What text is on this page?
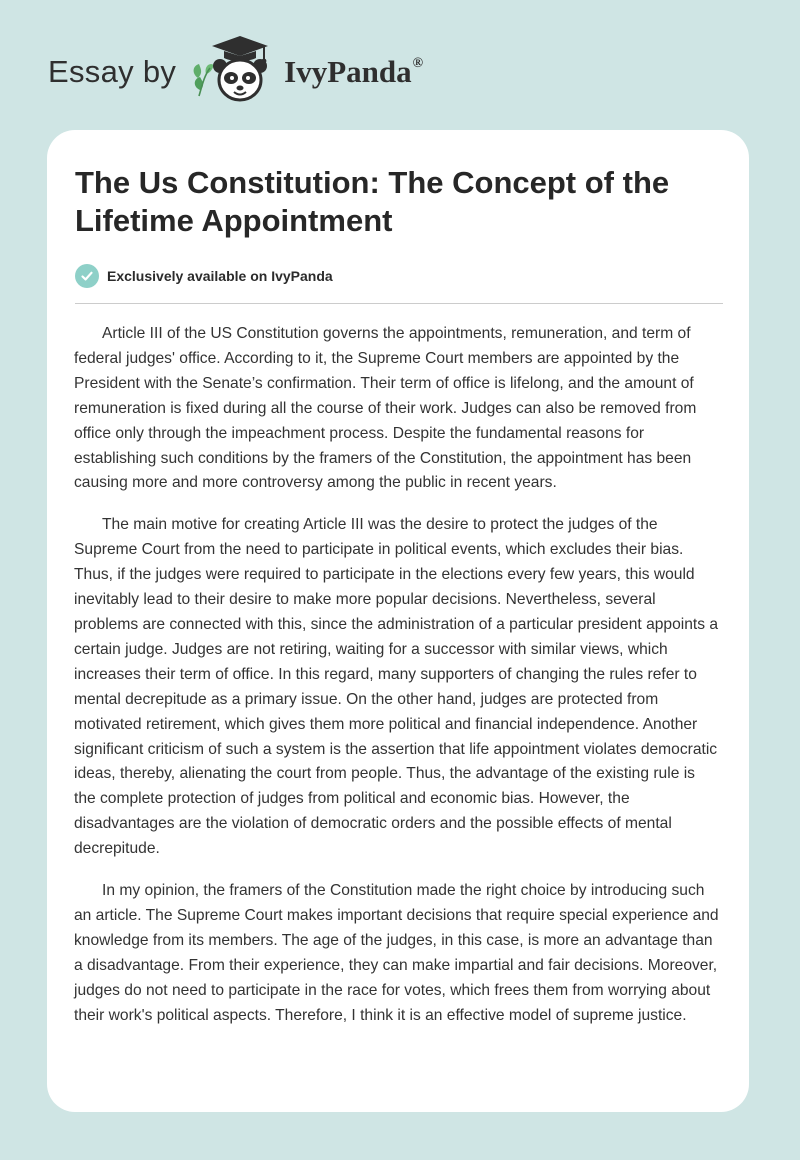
Essay by	IvyPanda®
The Us Constitution: The Concept of the Lifetime Appointment
Exclusively available on IvyPanda

Article III of the US Constitution governs the appointments, remuneration, and term of federal judges' office. According to it, the Supreme Court members are appointed by the President with the Senate’s confirmation. Their term of office is lifelong, and the amount of remuneration is fixed during all the course of their work. Judges can also be removed from office only through the impeachment process. Despite the fundamental reasons for establishing such conditions by the framers of the Constitution, the appointment has been causing more and more controversy among the public in recent years.

The main motive for creating Article III was the desire to protect the judges of the Supreme Court from the need to participate in political events, which excludes their bias. Thus, if the judges were required to participate in the elections every few years, this would inevitably lead to their desire to make more popular decisions. Nevertheless, several problems are connected with this, since the administration of a particular president appoints a certain judge. Judges are not retiring, waiting for a successor with similar views, which increases their term of office. In this regard, many supporters of changing the rules refer to mental decrepitude as a primary issue. On the other hand, judges are protected from motivated retirement, which gives them more political and financial independence. Another significant criticism of such a system is the assertion that life appointment violates democratic ideas, thereby, alienating the court from people. Thus, the advantage of the existing rule is the complete protection of judges from political and economic bias. However, the disadvantages are the violation of democratic orders and the possible effects of mental decrepitude.

In my opinion, the framers of the Constitution made the right choice by introducing such an article. The Supreme Court makes important decisions that require special experience and knowledge from its members. The age of the judges, in this case, is more an advantage than a disadvantage. From their experience, they can make impartial and fair decisions. Moreover, judges do not need to participate in the race for votes, which frees them from worrying about their work's political aspects. Therefore, I think it is an effective model of supreme justice.
